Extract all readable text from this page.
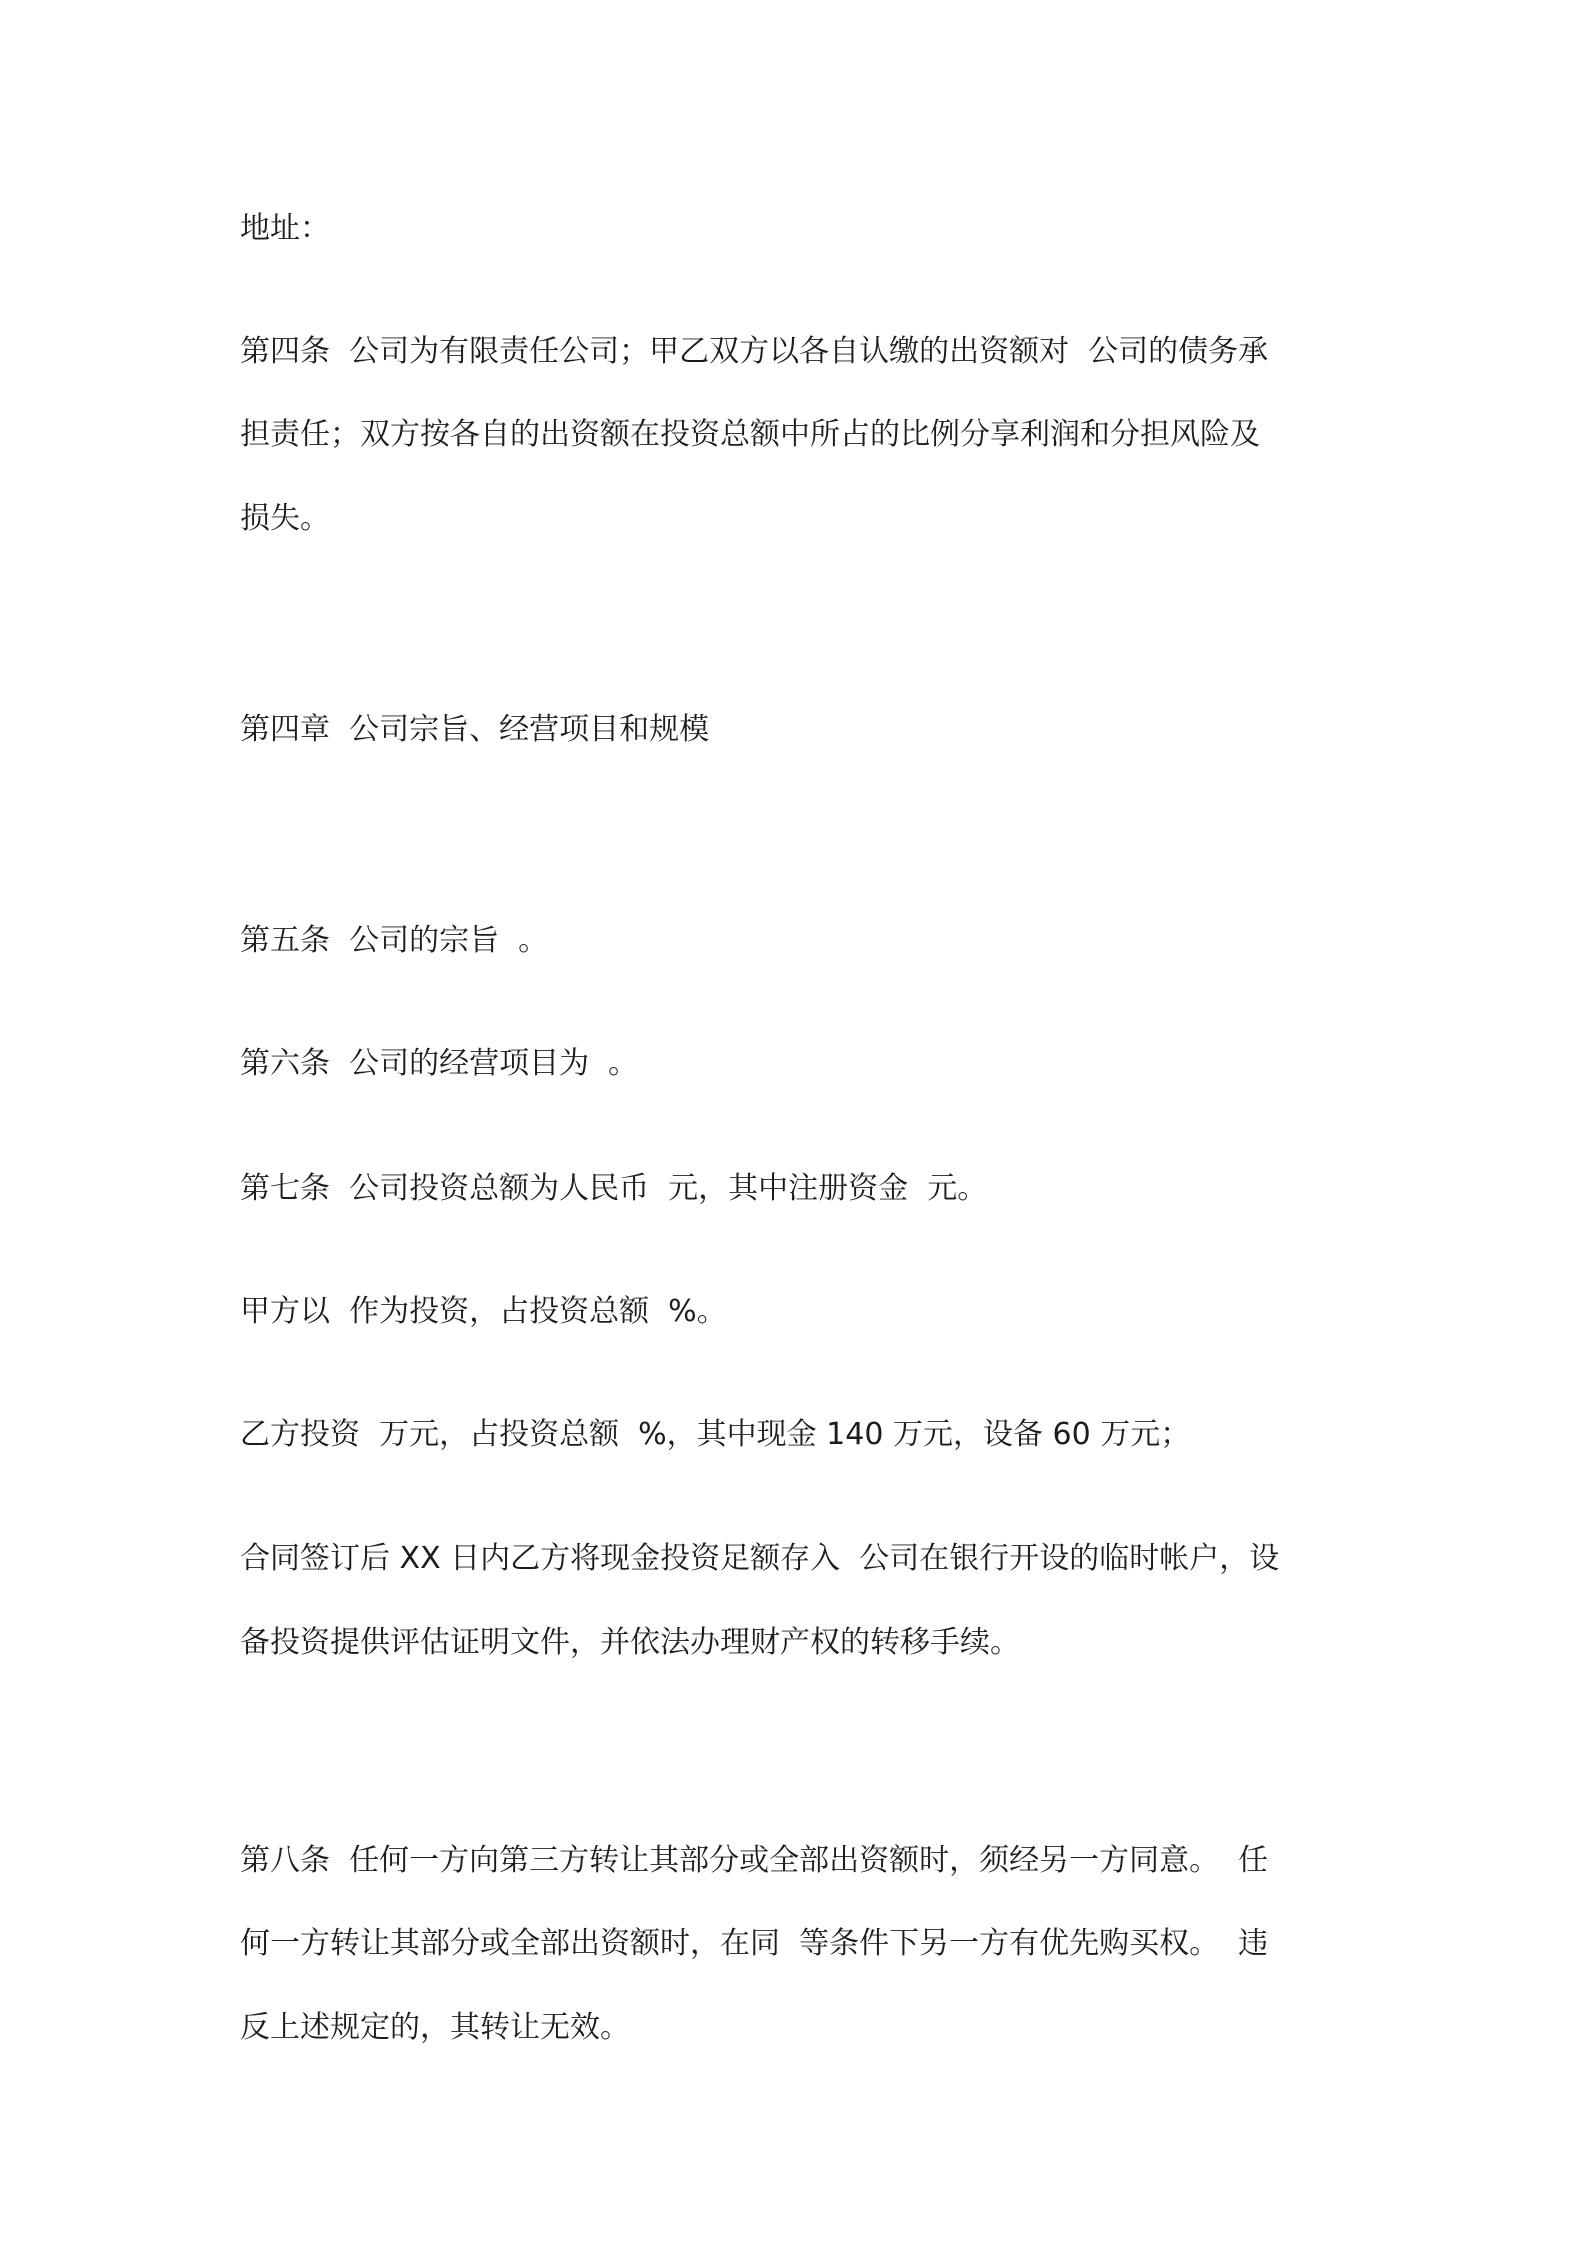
地址：

第四条  公司为有限责任公司；甲乙双方以各自认缴的出资额对  公司的债务承

担责任；双方按各自的出资额在投资总额中所占的比例分享利润和分担风险及

损失。

第四章  公司宗旨、经营项目和规模

第五条  公司的宗旨  。

第六条  公司的经营项目为  。

第七条  公司投资总额为人民币  元，其中注册资金  元。

甲方以  作为投资，占投资总额  %。

乙方投资  万元，占投资总额  %，其中现金 140 万元，设备 60 万元；

合同签订后 XX 日内乙方将现金投资足额存入  公司在银行开设的临时帐户，设

备投资提供评估证明文件，并依法办理财产权的转移手续。

第八条  任何一方向第三方转让其部分或全部出资额时，须经另一方同意。  任

何一方转让其部分或全部出资额时，在同  等条件下另一方有优先购买权。  违

反上述规定的，其转让无效。
